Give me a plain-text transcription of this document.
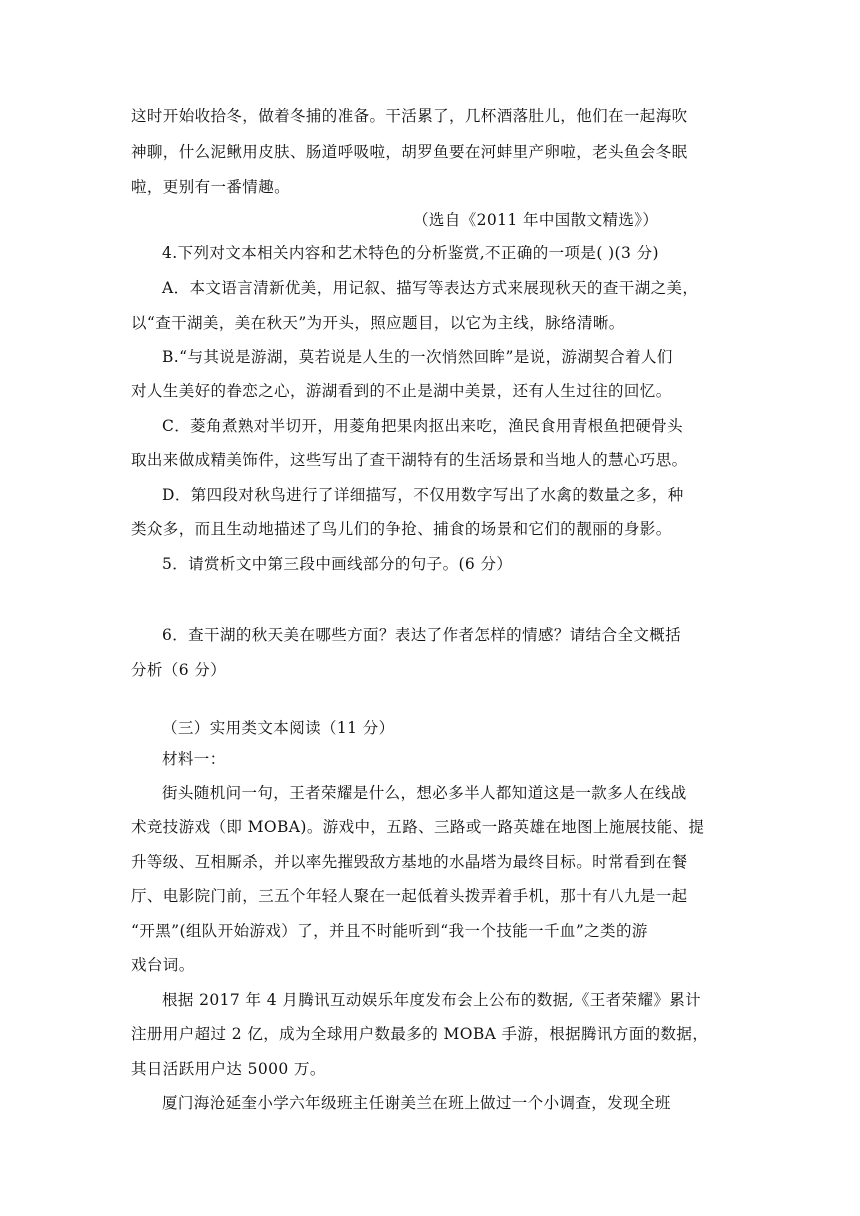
这时开始收拾冬，做着冬捕的准备。干活累了，几杯酒落肚儿，他们在一起海吹
神聊，什么泥鳅用皮肤、肠道呼吸啦，胡罗鱼要在河蚌里产卵啦，老头鱼会冬眠
啦，更别有一番情趣。
（选自《2011 年中国散文精选》）
4.下列对文本相关内容和艺术特色的分析鉴赏,不正确的一项是( )(3 分)
A．本文语言清新优美，用记叙、描写等表达方式来展现秋天的查干湖之美，
以“查干湖美，美在秋天”为开头，照应题目，以它为主线，脉络清晰。
B.“与其说是游湖，莫若说是人生的一次悄然回眸”是说，游湖契合着人们
对人生美好的眷恋之心，游湖看到的不止是湖中美景，还有人生过往的回忆。
C．菱角煮熟对半切开，用菱角把果肉抠出来吃，渔民食用青根鱼把硬骨头
取出来做成精美饰件，这些写出了查干湖特有的生活场景和当地人的慧心巧思。
D．第四段对秋鸟进行了详细描写，不仅用数字写出了水禽的数量之多，种
类众多，而且生动地描述了鸟儿们的争抢、捕食的场景和它们的靓丽的身影。
5．请赏析文中第三段中画线部分的句子。(6 分）
6．查干湖的秋天美在哪些方面？表达了作者怎样的情感？请结合全文概括
分析（6 分）
（三）实用类文本阅读（11 分）
材料一：
街头随机问一句，王者荣耀是什么，想必多半人都知道这是一款多人在线战
术竞技游戏（即 MOBA)。游戏中，五路、三路或一路英雄在地图上施展技能、提
升等级、互相厮杀，并以率先摧毁敌方基地的水晶塔为最终目标。时常看到在餐
厅、电影院门前，三五个年轻人聚在一起低着头拨弄着手机，那十有八九是一起
“开黑”(组队开始游戏）了，并且不时能听到“我一个技能一千血”之类的游
戏台词。
根据 2017 年 4 月腾讯互动娱乐年度发布会上公布的数据,《王者荣耀》累计
注册用户超过 2 亿，成为全球用户数最多的 MOBA 手游，根据腾讯方面的数据，
其日活跃用户达 5000 万。
厦门海沧延奎小学六年级班主任谢美兰在班上做过一个小调查，发现全班
